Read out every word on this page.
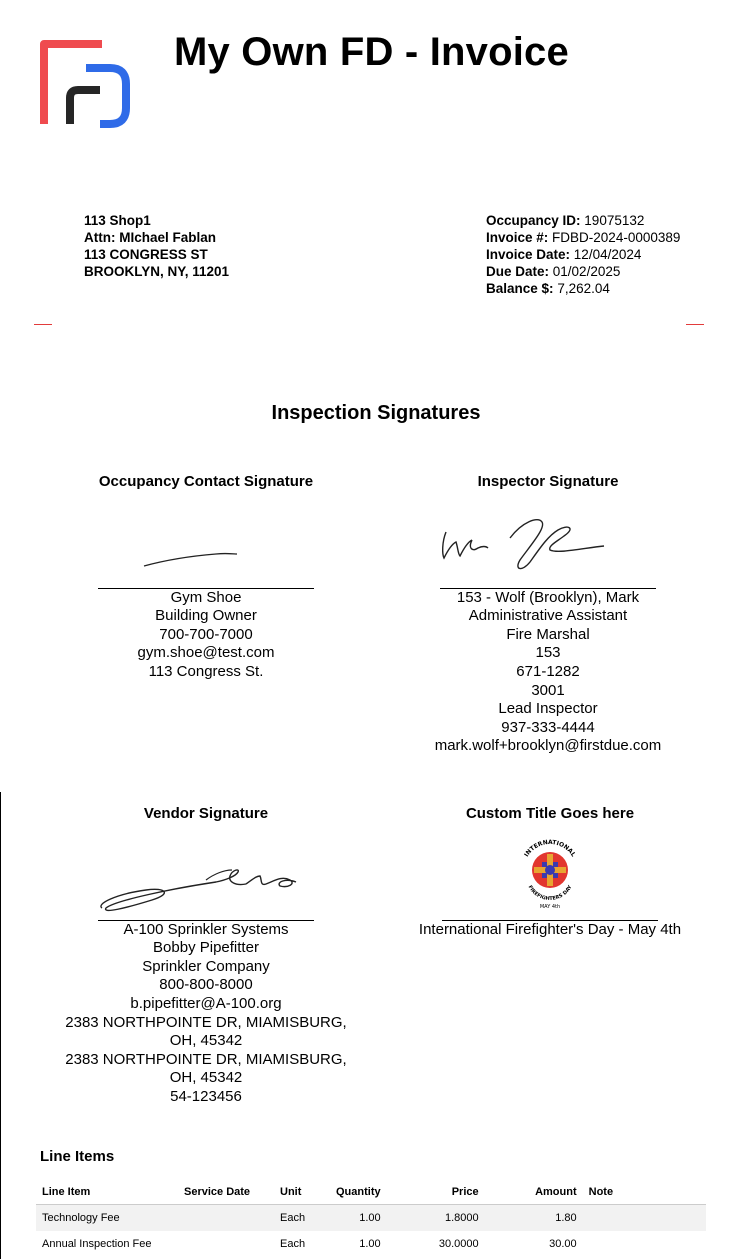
My Own FD - Invoice
113 Shop1
Attn: MIchael Fablan
113 CONGRESS ST
BROOKLYN, NY, 11201
Occupancy ID: 19075132
Invoice #: FDBD-2024-0000389
Invoice Date: 12/04/2024
Due Date: 01/02/2025
Balance $: 7,262.04
Inspection Signatures
Occupancy Contact Signature
Gym Shoe
Building Owner
700-700-7000
gym.shoe@test.com
113 Congress St.
Inspector Signature
153 - Wolf (Brooklyn), Mark
Administrative Assistant
Fire Marshal
153
671-1282
3001
Lead Inspector
937-333-4444
mark.wolf+brooklyn@firstdue.com
Vendor Signature
A-100 Sprinkler Systems
Bobby Pipefitter
Sprinkler Company
800-800-8000
b.pipefitter@A-100.org
2383 NORTHPOINTE DR, MIAMISBURG, OH, 45342
2383 NORTHPOINTE DR, MIAMISBURG, OH, 45342
54-123456
Custom Title Goes here
INTERNATIONAL
FIREFIGHTERS DAY
MAY 4th
International Firefighter's Day - May 4th
Line Items
Line Item	Service Date	Unit	Quantity	Price	Amount	Note
Technology Fee		Each	1.00	1.8000	1.80	
Annual Inspection Fee		Each	1.00	30.0000	30.00	
